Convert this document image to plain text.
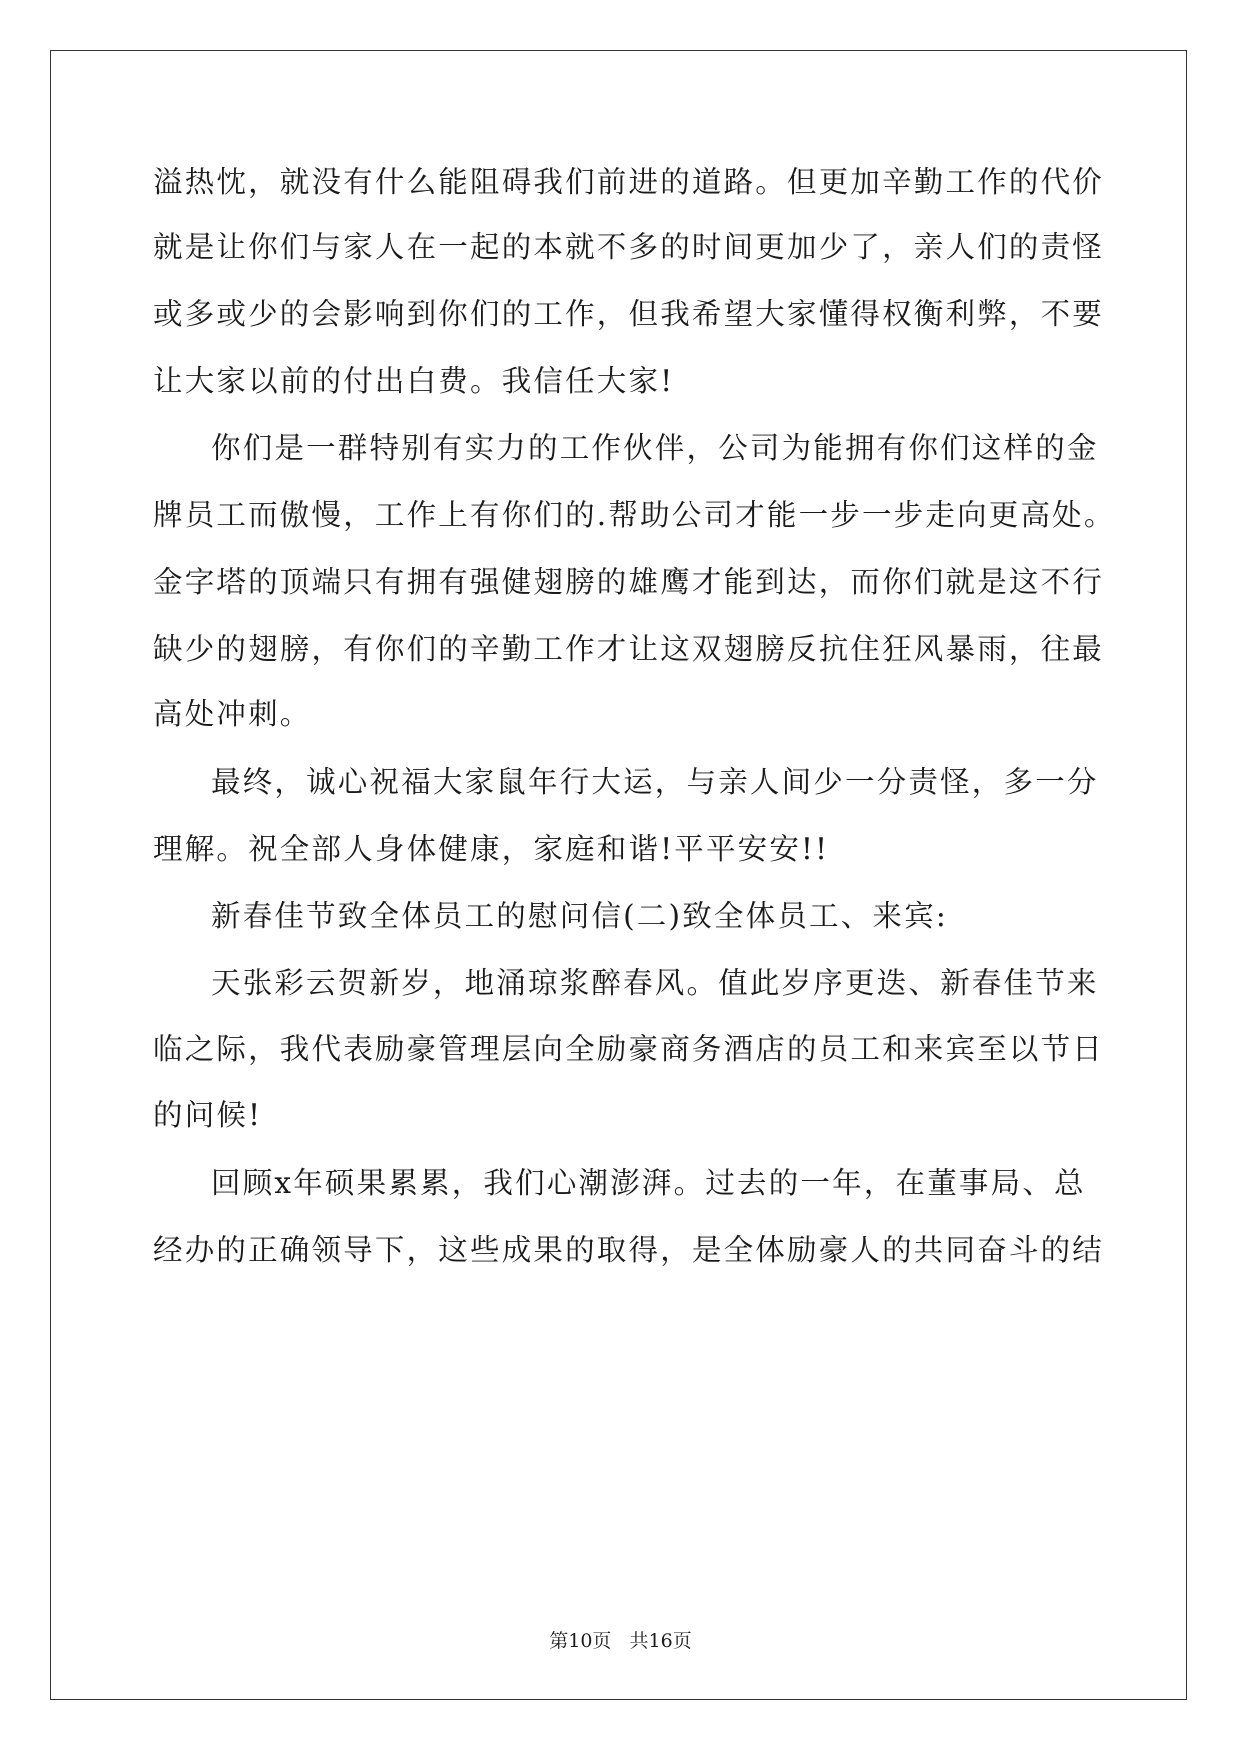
溢热忱，就没有什么能阻碍我们前进的道路。但更加辛勤工作的代价
就是让你们与家人在一起的本就不多的时间更加少了，亲人们的责怪
或多或少的会影响到你们的工作，但我希望大家懂得权衡利弊，不要
让大家以前的付出白费。我信任大家!
你们是一群特别有实力的工作伙伴，公司为能拥有你们这样的金
牌员工而傲慢，工作上有你们的.帮助公司才能一步一步走向更高处。
金字塔的顶端只有拥有强健翅膀的雄鹰才能到达，而你们就是这不行
缺少的翅膀，有你们的辛勤工作才让这双翅膀反抗住狂风暴雨，往最
高处冲刺。
最终，诚心祝福大家鼠年行大运，与亲人间少一分责怪，多一分
理解。祝全部人身体健康，家庭和谐!平平安安!!
新春佳节致全体员工的慰问信(二)致全体员工、来宾:
天张彩云贺新岁，地涌琼浆醉春风。值此岁序更迭、新春佳节来
临之际，我代表励豪管理层向全励豪商务酒店的员工和来宾至以节日
的问候!
回顾x年硕果累累，我们心潮澎湃。过去的一年，在董事局、总
经办的正确领导下，这些成果的取得，是全体励豪人的共同奋斗的结
第10页   共16页
